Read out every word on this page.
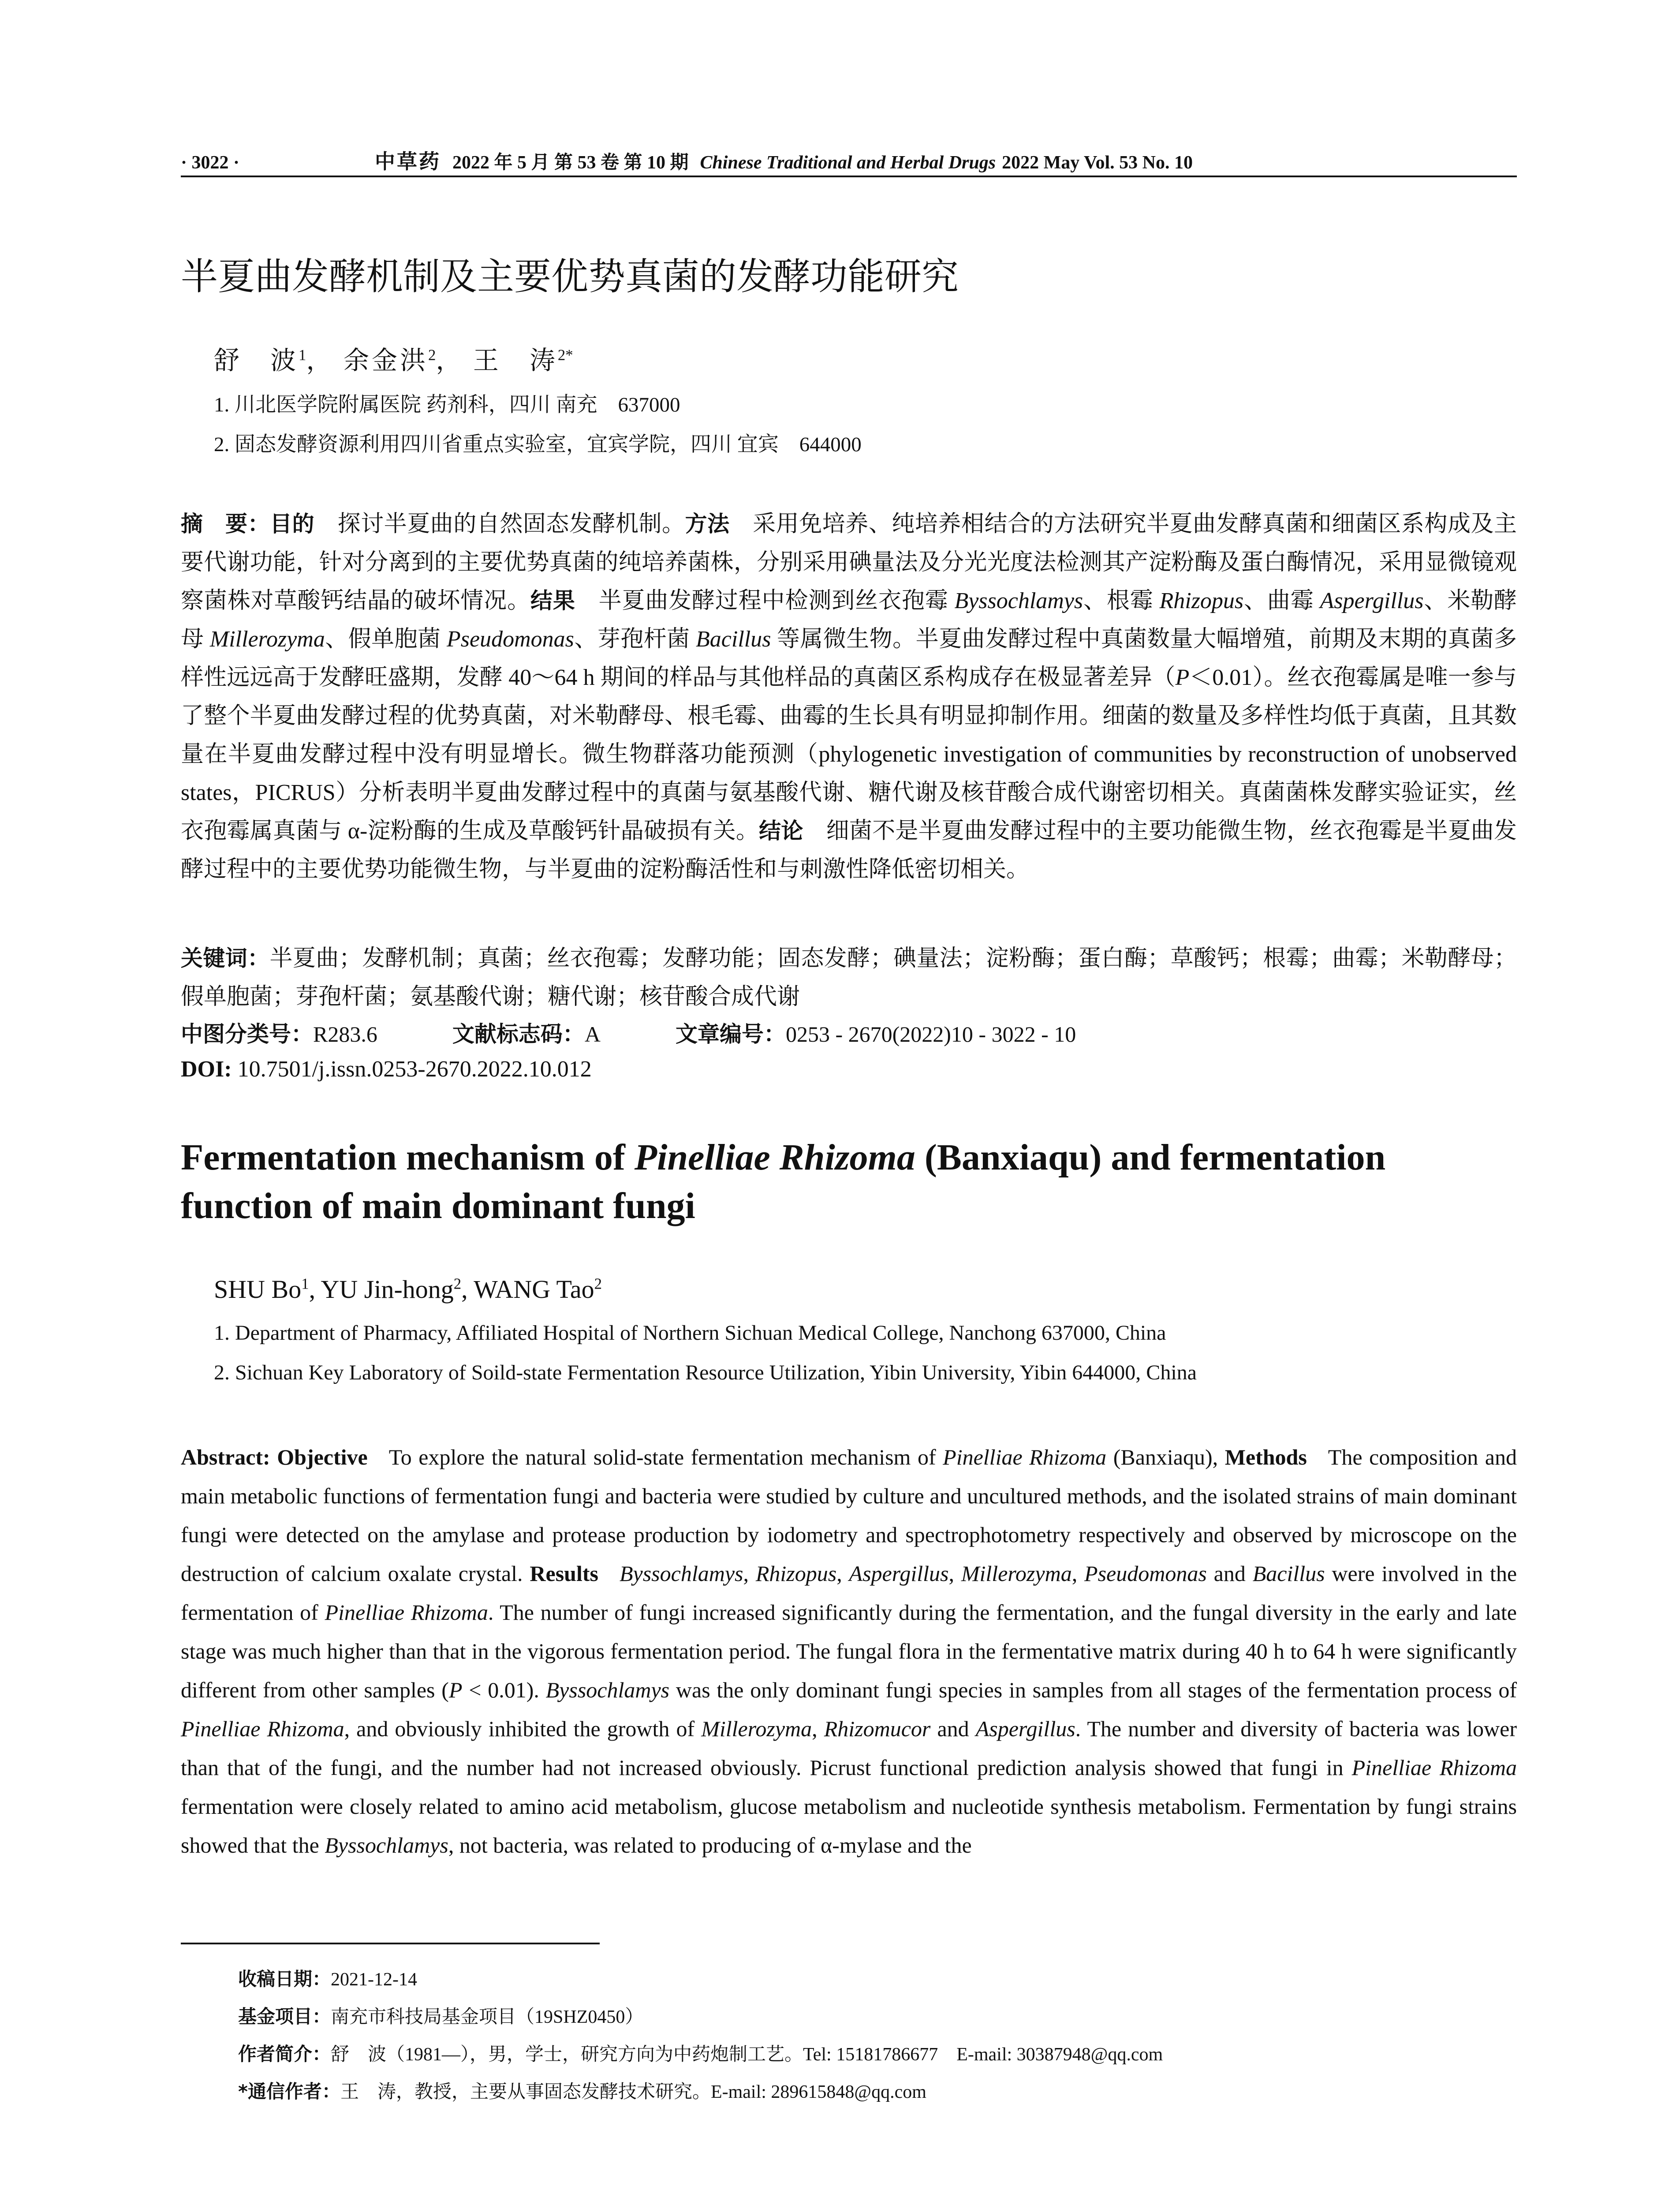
· 3022 ·	中草药 2022 年 5 月 第 53 卷 第 10 期 Chinese Traditional and Herbal Drugs 2022 May Vol. 53 No. 10
半夏曲发酵机制及主要优势真菌的发酵功能研究
舒　波$^1$， 余金洪$^2$， 王　涛$^{2*}$
1. 川北医学院附属医院 药剂科，四川 南充　637000
2. 固态发酵资源利用四川省重点实验室，宜宾学院，四川 宜宾　644000
摘　要：目的 探讨半夏曲的自然固态发酵机制。方法 采用免培养、纯培养相结合的方法研究半夏曲发酵真菌和细菌区系构成及主要代谢功能，针对分离到的主要优势真菌的纯培养菌株，分别采用碘量法及分光光度法检测其产淀粉酶及蛋白酶情况，采用显微镜观察菌株对草酸钙结晶的破坏情况。结果 半夏曲发酵过程中检测到丝衣孢霉 Byssochlamys、根霉 Rhizopus、曲霉 Aspergillus、米勒酵母 Millerozyma、假单胞菌 Pseudomonas、芽孢杆菌 Bacillus 等属微生物。半夏曲发酵过程中真菌数量大幅增殖，前期及末期的真菌多样性远远高于发酵旺盛期，发酵 40～64 h 期间的样品与其他样品的真菌区系构成存在极显著差异（P＜0.01）。丝衣孢霉属是唯一参与了整个半夏曲发酵过程的优势真菌，对米勒酵母、根毛霉、曲霉的生长具有明显抑制作用。细菌的数量及多样性均低于真菌，且其数量在半夏曲发酵过程中没有明显增长。微生物群落功能预测（phylogenetic investigation of communities by reconstruction of unobserved states，PICRUS）分析表明半夏曲发酵过程中的真菌与氨基酸代谢、糖代谢及核苷酸合成代谢密切相关。真菌菌株发酵实验证实，丝衣孢霉属真菌与 α-淀粉酶的生成及草酸钙针晶破损有关。结论 细菌不是半夏曲发酵过程中的主要功能微生物，丝衣孢霉是半夏曲发酵过程中的主要优势功能微生物，与半夏曲的淀粉酶活性和与刺激性降低密切相关。
关键词：半夏曲；发酵机制；真菌；丝衣孢霉；发酵功能；固态发酵；碘量法；淀粉酶；蛋白酶；草酸钙；根霉；曲霉；米勒酵母；假单胞菌；芽孢杆菌；氨基酸代谢；糖代谢；核苷酸合成代谢
中图分类号：R283.6	文献标志码：A	文章编号：0253 - 2670(2022)10 - 3022 - 10
DOI: 10.7501/j.issn.0253-2670.2022.10.012
Fermentation mechanism of Pinelliae Rhizoma (Banxiaqu) and fermentation function of main dominant fungi
SHU Bo$^1$, YU Jin-hong$^2$, WANG Tao$^2$
1. Department of Pharmacy, Affiliated Hospital of Northern Sichuan Medical College, Nanchong 637000, China
2. Sichuan Key Laboratory of Soild-state Fermentation Resource Utilization, Yibin University, Yibin 644000, China
Abstract: Objective To explore the natural solid-state fermentation mechanism of Pinelliae Rhizoma (Banxiaqu), Methods The composition and main metabolic functions of fermentation fungi and bacteria were studied by culture and uncultured methods, and the isolated strains of main dominant fungi were detected on the amylase and protease production by iodometry and spectrophotometry respectively and observed by microscope on the destruction of calcium oxalate crystal. Results Byssochlamys, Rhizopus, Aspergillus, Millerozyma, Pseudomonas and Bacillus were involved in the fermentation of Pinelliae Rhizoma. The number of fungi increased significantly during the fermentation, and the fungal diversity in the early and late stage was much higher than that in the vigorous fermentation period. The fungal flora in the fermentative matrix during 40 h to 64 h were significantly different from other samples (P < 0.01). Byssochlamys was the only dominant fungi species in samples from all stages of the fermentation process of Pinelliae Rhizoma, and obviously inhibited the growth of Millerozyma, Rhizomucor and Aspergillus. The number and diversity of bacteria was lower than that of the fungi, and the number had not increased obviously. Picrust functional prediction analysis showed that fungi in Pinelliae Rhizoma fermentation were closely related to amino acid metabolism, glucose metabolism and nucleotide synthesis metabolism. Fermentation by fungi strains showed that the Byssochlamys, not bacteria, was related to producing of α-mylase and the
收稿日期：2021-12-14
基金项目：南充市科技局基金项目（19SHZ0450）
作者简介：舒　波（1981—），男，学士，研究方向为中药炮制工艺。Tel: 15181786677　E-mail: 30387948@qq.com
*通信作者：王　涛，教授，主要从事固态发酵技术研究。E-mail: 289615848@qq.com
